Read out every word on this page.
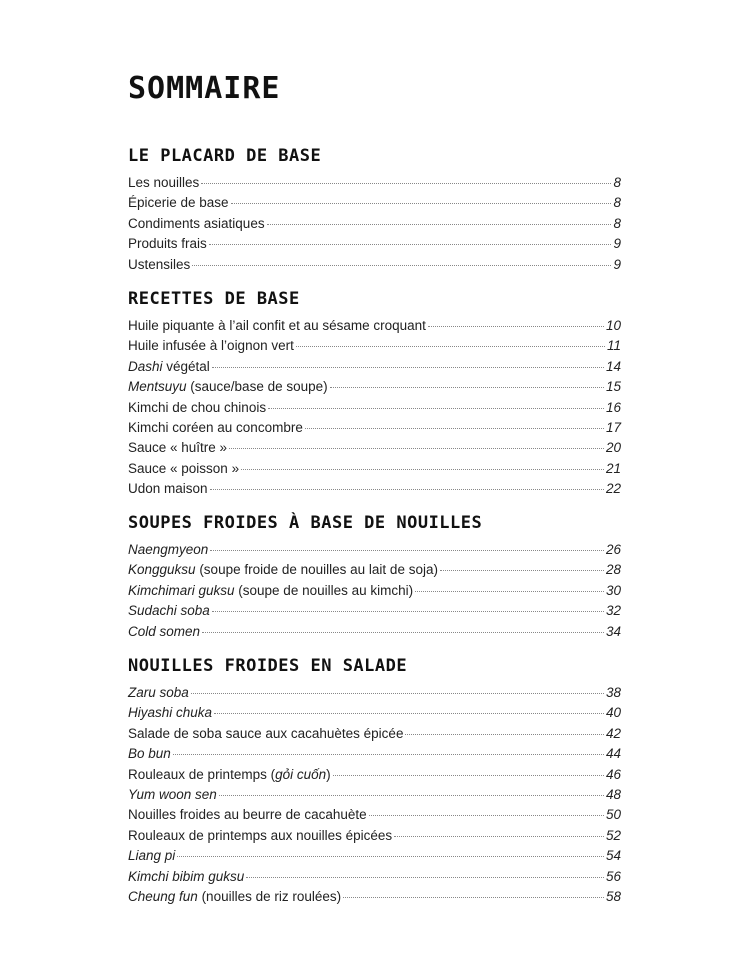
SOMMAIRE
LE PLACARD DE BASE
Les nouilles	8
Épicerie de base	8
Condiments asiatiques	8
Produits frais	9
Ustensiles	9
RECETTES DE BASE
Huile piquante à l’ail confit et au sésame croquant	10
Huile infusée à l’oignon vert	11
Dashi végétal	14
Mentsuyu (sauce/base de soupe)	15
Kimchi de chou chinois	16
Kimchi coréen au concombre	17
Sauce « huître »	20
Sauce « poisson »	21
Udon maison	22
SOUPES FROIDES À BASE DE NOUILLES
Naengmyeon	26
Kongguksu (soupe froide de nouilles au lait de soja)	28
Kimchimari guksu (soupe de nouilles au kimchi)	30
Sudachi soba	32
Cold somen	34
NOUILLES FROIDES EN SALADE
Zaru soba	38
Hiyashi chuka	40
Salade de soba sauce aux cacahuètes épicée	42
Bo bun	44
Rouleaux de printemps (gỏi cuốn)	46
Yum woon sen	48
Nouilles froides au beurre de cacahuète	50
Rouleaux de printemps aux nouilles épicées	52
Liang pi	54
Kimchi bibim guksu	56
Cheung fun (nouilles de riz roulées)	58
